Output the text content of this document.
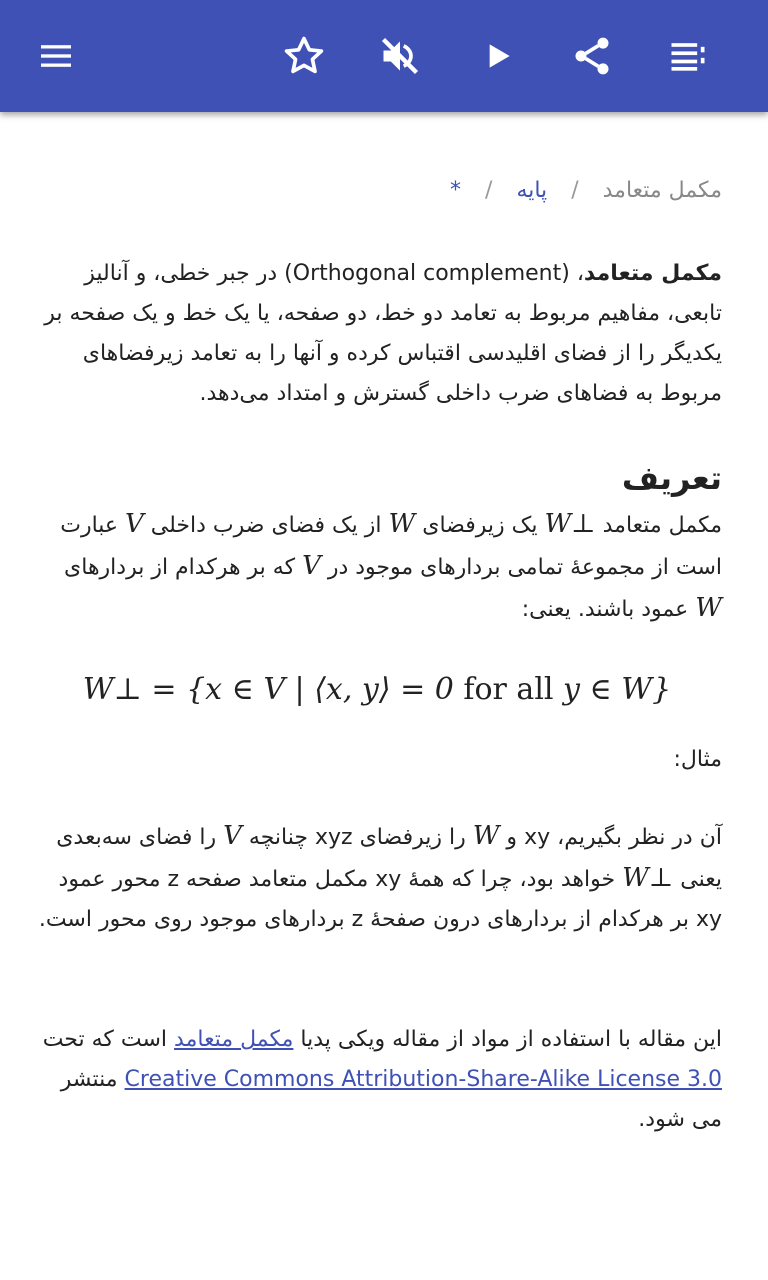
مکمل متعامد
/
پایه
/
*

مکمل متعامد، (Orthogonal complement) در جبر خطی، و آنالیز تابعی، مفاهیم مربوط به تعامد دو خط، دو صفحه، یا یک خط و یک صفحه بر یکدیگر را از فضای اقلیدسی اقتباس کرده و آنها را به تعامد زیرفضاهای مربوط به فضاهای ضرب داخلی گسترش و امتداد می‌دهد.

تعریف

مکمل متعامد W⊥ یک زیرفضای W از یک فضای ضرب داخلی V عبارت است از مجموعهٔ تمامی بردارهای موجود در V که بر هرکدام از بردارهای W عمود باشند. یعنی:

W⊥ = {x ∈ V | ⟨x, y⟩ = 0 for all y ∈ W}

مثال:

آن در نظر بگیریم، xy و W را زیرفضای xyz چنانچه V را فضای سه‌بعدی یعنی W⊥ خواهد بود، چرا که همهٔ xy مکمل متعامد صفحه z محور عمود xy بر هرکدام از بردارهای درون صفحهٔ z بردارهای موجود روی محور است.

این مقاله با استفاده از مواد از مقاله ویکی پدیا مکمل متعامد است که تحت Creative Commons Attribution-Share-Alike License 3.0 منتشر می شود.
